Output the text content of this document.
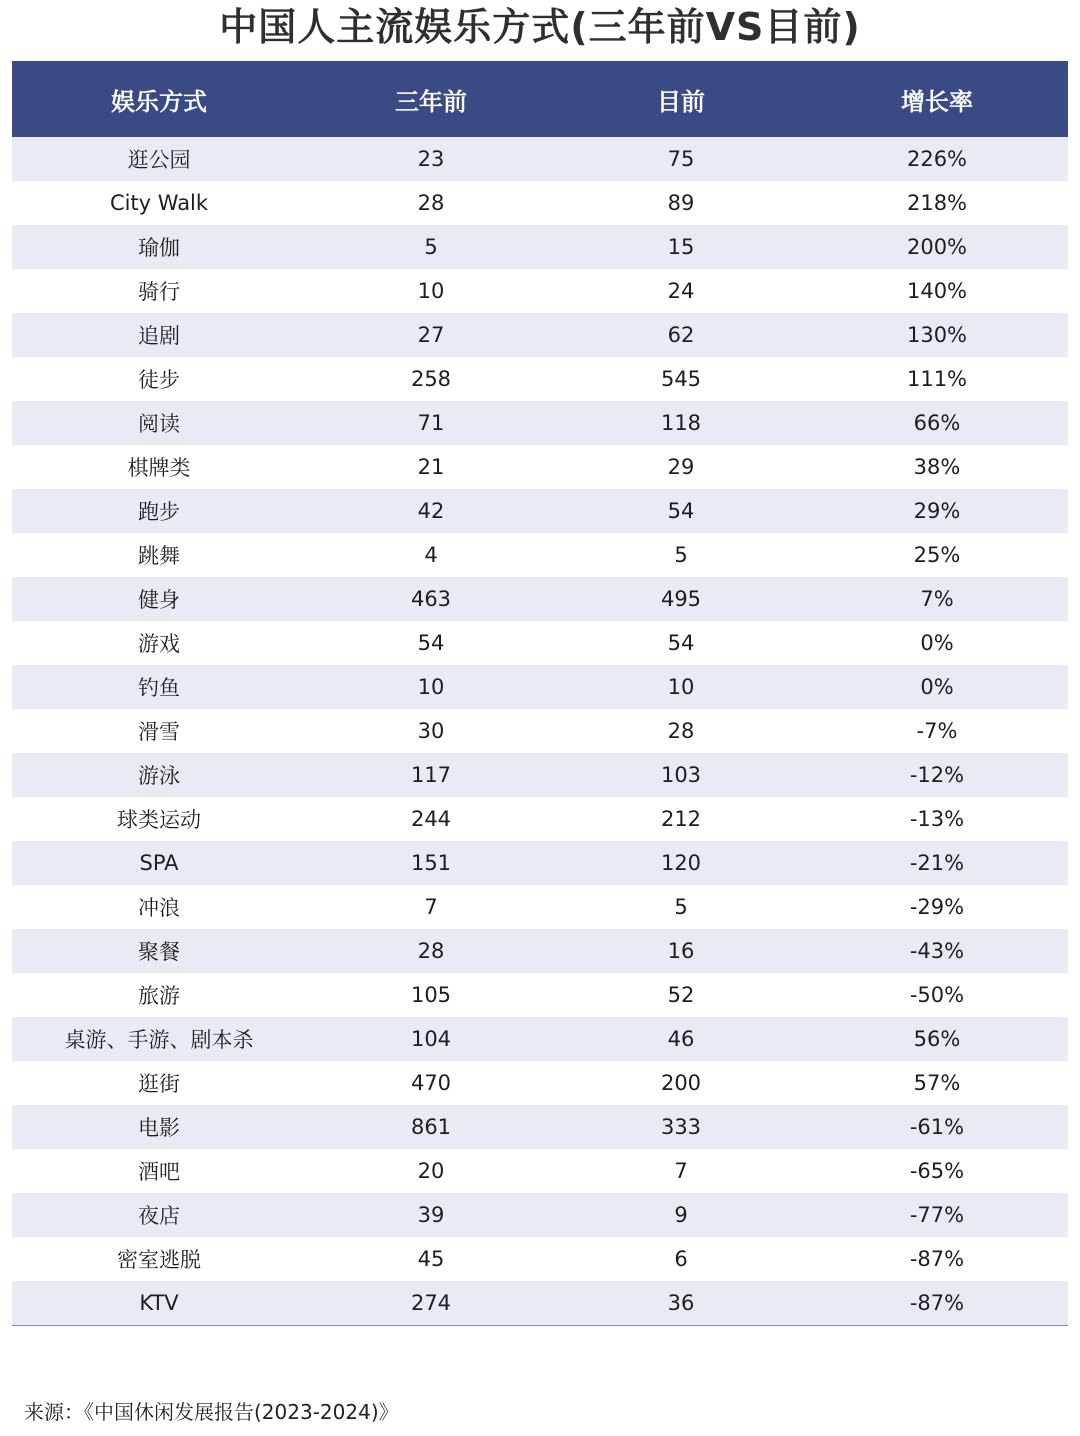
中国人主流娱乐方式(三年前VS目前)
娱乐方式	三年前	目前	增长率
逛公园	23	75	226%
City Walk	28	89	218%
瑜伽	5	15	200%
骑行	10	24	140%
追剧	27	62	130%
徒步	258	545	111%
阅读	71	118	66%
棋牌类	21	29	38%
跑步	42	54	29%
跳舞	4	5	25%
健身	463	495	7%
游戏	54	54	0%
钓鱼	10	10	0%
滑雪	30	28	-7%
游泳	117	103	-12%
球类运动	244	212	-13%
SPA	151	120	-21%
冲浪	7	5	-29%
聚餐	28	16	-43%
旅游	105	52	-50%
桌游、手游、剧本杀	104	46	56%
逛街	470	200	57%
电影	861	333	-61%
酒吧	20	7	-65%
夜店	39	9	-77%
密室逃脱	45	6	-87%
KTV	274	36	-87%
来源：《中国休闲发展报告(2023-2024)》
